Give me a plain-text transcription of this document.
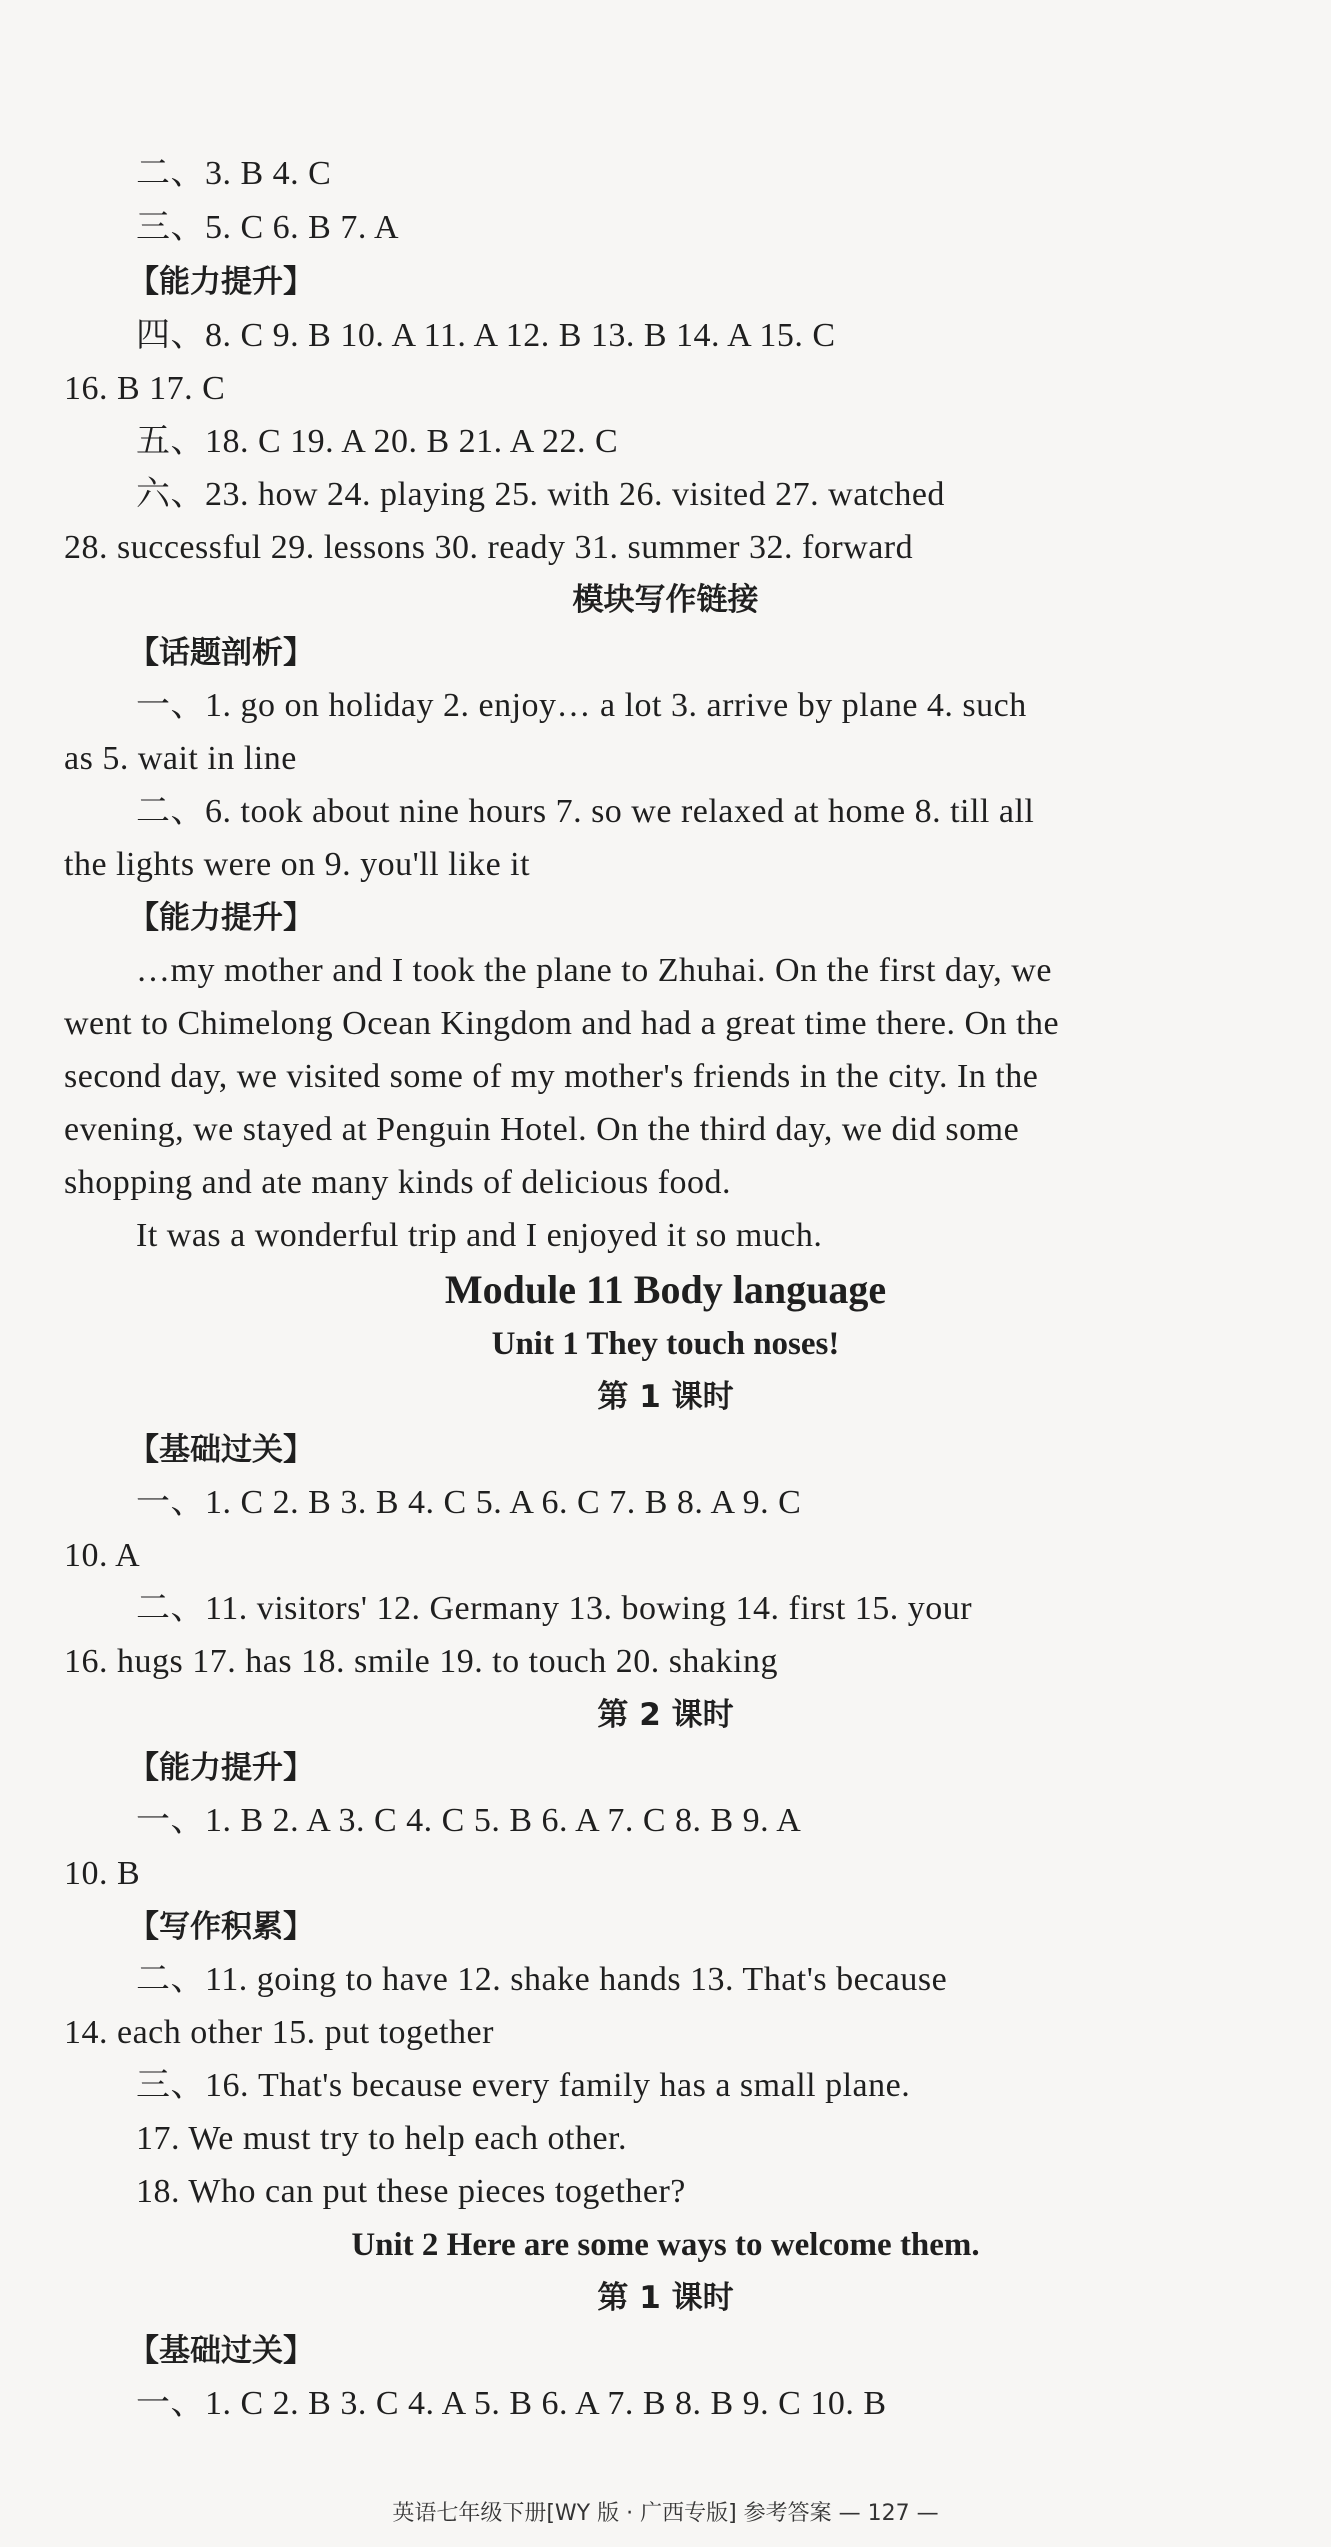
二、3. B 4. C
三、5. C 6. B 7. A
【能力提升】
四、8. C 9. B 10. A 11. A 12. B 13. B 14. A 15. C
16. B 17. C
五、18. C 19. A 20. B 21. A 22. C
六、23. how 24. playing 25. with 26. visited 27. watched
28. successful 29. lessons 30. ready 31. summer 32. forward
模块写作链接
【话题剖析】
一、1. go on holiday 2. enjoy… a lot 3. arrive by plane 4. such
as 5. wait in line
二、6. took about nine hours 7. so we relaxed at home 8. till all
the lights were on 9. you'll like it
【能力提升】
…my mother and I took the plane to Zhuhai. On the first day, we
went to Chimelong Ocean Kingdom and had a great time there. On the
second day, we visited some of my mother's friends in the city. In the
evening, we stayed at Penguin Hotel. On the third day, we did some
shopping and ate many kinds of delicious food.
It was a wonderful trip and I enjoyed it so much.
Module 11 Body language
Unit 1 They touch noses!
第 1 课时
【基础过关】
一、1. C 2. B 3. B 4. C 5. A 6. C 7. B 8. A 9. C
10. A
二、11. visitors' 12. Germany 13. bowing 14. first 15. your
16. hugs 17. has 18. smile 19. to touch 20. shaking
第 2 课时
【能力提升】
一、1. B 2. A 3. C 4. C 5. B 6. A 7. C 8. B 9. A
10. B
【写作积累】
二、11. going to have 12. shake hands 13. That's because
14. each other 15. put together
三、16. That's because every family has a small plane.
17. We must try to help each other.
18. Who can put these pieces together?
Unit 2 Here are some ways to welcome them.
第 1 课时
【基础过关】
一、1. C 2. B 3. C 4. A 5. B 6. A 7. B 8. B 9. C 10. B
英语七年级下册[WY 版 · 广西专版] 参考答案 — 127 —
